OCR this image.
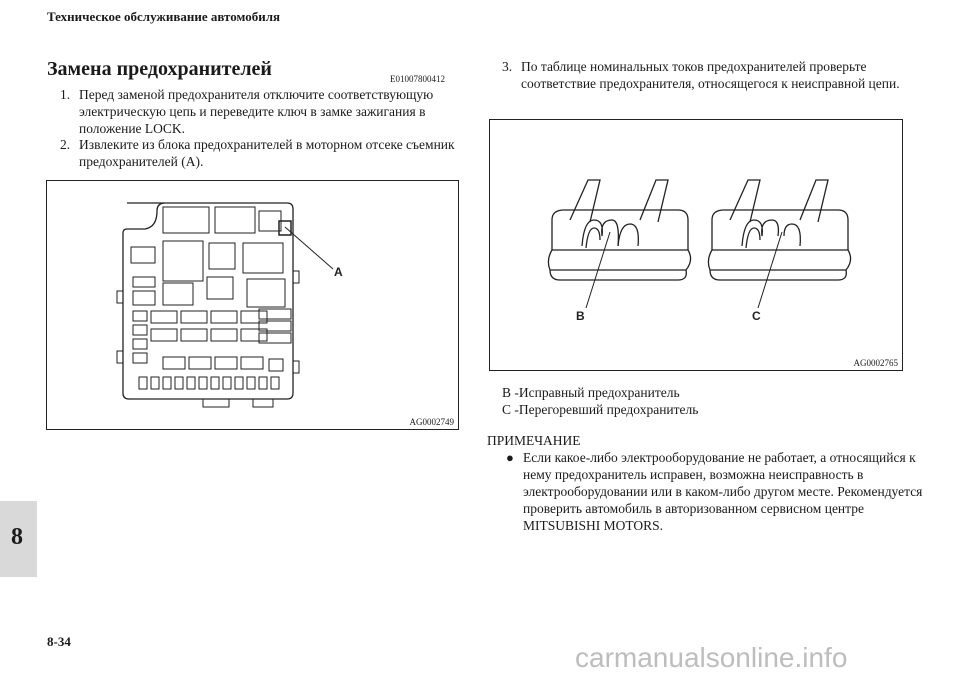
Техническое обслуживание автомобиля
Замена предохранителей	E01007800412
1. Перед заменой предохранителя отключите соответствующую электрическую цепь и переведите ключ в замке зажигания в положение LOCK.
2. Извлеките из блока предохранителей в моторном отсеке съемник предохранителей (A).
A
AG0002749
3. По таблице номинальных токов предохранителей проверьте соответствие предохранителя, относящегося к неисправной цепи.
B	C
AG0002765
B -Исправный предохранитель
C -Перегоревший предохранитель
ПРИМЕЧАНИЕ
● Если какое-либо электрооборудование не работает, а относящийся к нему предохранитель исправен, возможна неисправность в электрооборудовании или в каком-либо другом месте. Рекомендуется проверить автомобиль в авторизованном сервисном центре MITSUBISHI MOTORS.
8
8-34
carmanualsonline.info
